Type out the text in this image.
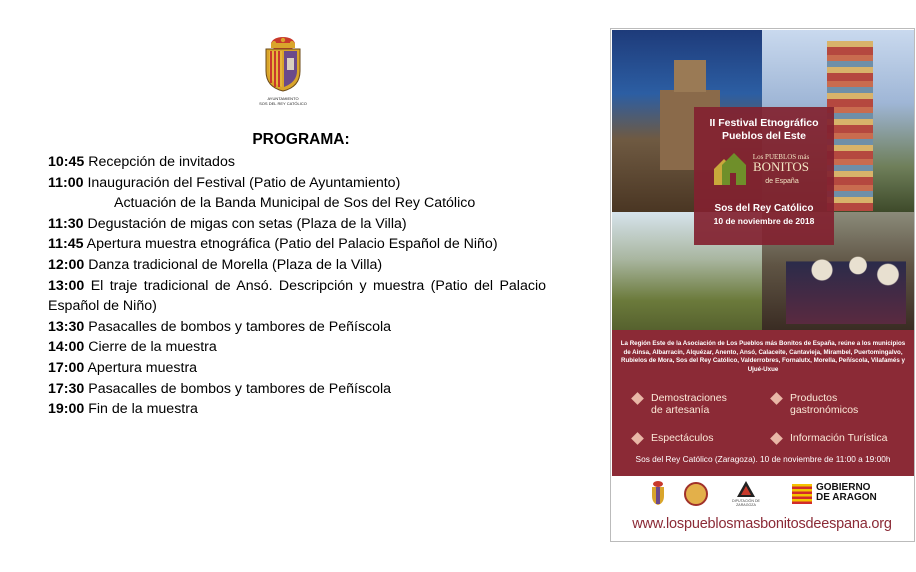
AYUNTAMIENTO
SOS DEL REY CATÓLICO
PROGRAMA:
10:45 Recepción de invitados
11:00 Inauguración del Festival (Patio de Ayuntamiento)
Actuación de la Banda Municipal de Sos del Rey Católico
11:30 Degustación de migas con setas (Plaza de la Villa)
11:45 Apertura muestra etnográfica (Patio del Palacio Español de Niño)
12:00 Danza tradicional de Morella (Plaza de la Villa)
13:00 El traje tradicional de Ansó. Descripción y muestra (Patio del Palacio Español de Niño)
13:30 Pasacalles de bombos y tambores de Peñíscola
14:00 Cierre de la muestra
17:00 Apertura muestra
17:30 Pasacalles de bombos y tambores de Peñíscola
19:00 Fin de la muestra
II Festival Etnográfico
Pueblos del Este
Los PUEBLOS más
BONITOS
de España
Sos del Rey Católico
10 de noviembre de 2018
La Región Este de la Asociación de Los Pueblos más Bonitos de España, reúne a los municipios de Ainsa, Albarracín, Alquézar, Anento, Ansó, Calaceite, Cantavieja, Mirambel, Puertomingalvo, Rubielos de Mora, Sos del Rey Católico, Valderrobres, Fornalutx, Morella, Peñíscola, Vilafamés y Ujué-Uxue
Demostraciones
de artesanía
Productos
gastronómicos
Espectáculos	Información Turística
Sos del Rey Católico (Zaragoza). 10 de noviembre de 11:00 a 19:00h
DIPUTACIÓN DE ZARAGOZA
GOBIERNO
DE ARAGON
www.lospueblosmasbonitosdeespana.org
